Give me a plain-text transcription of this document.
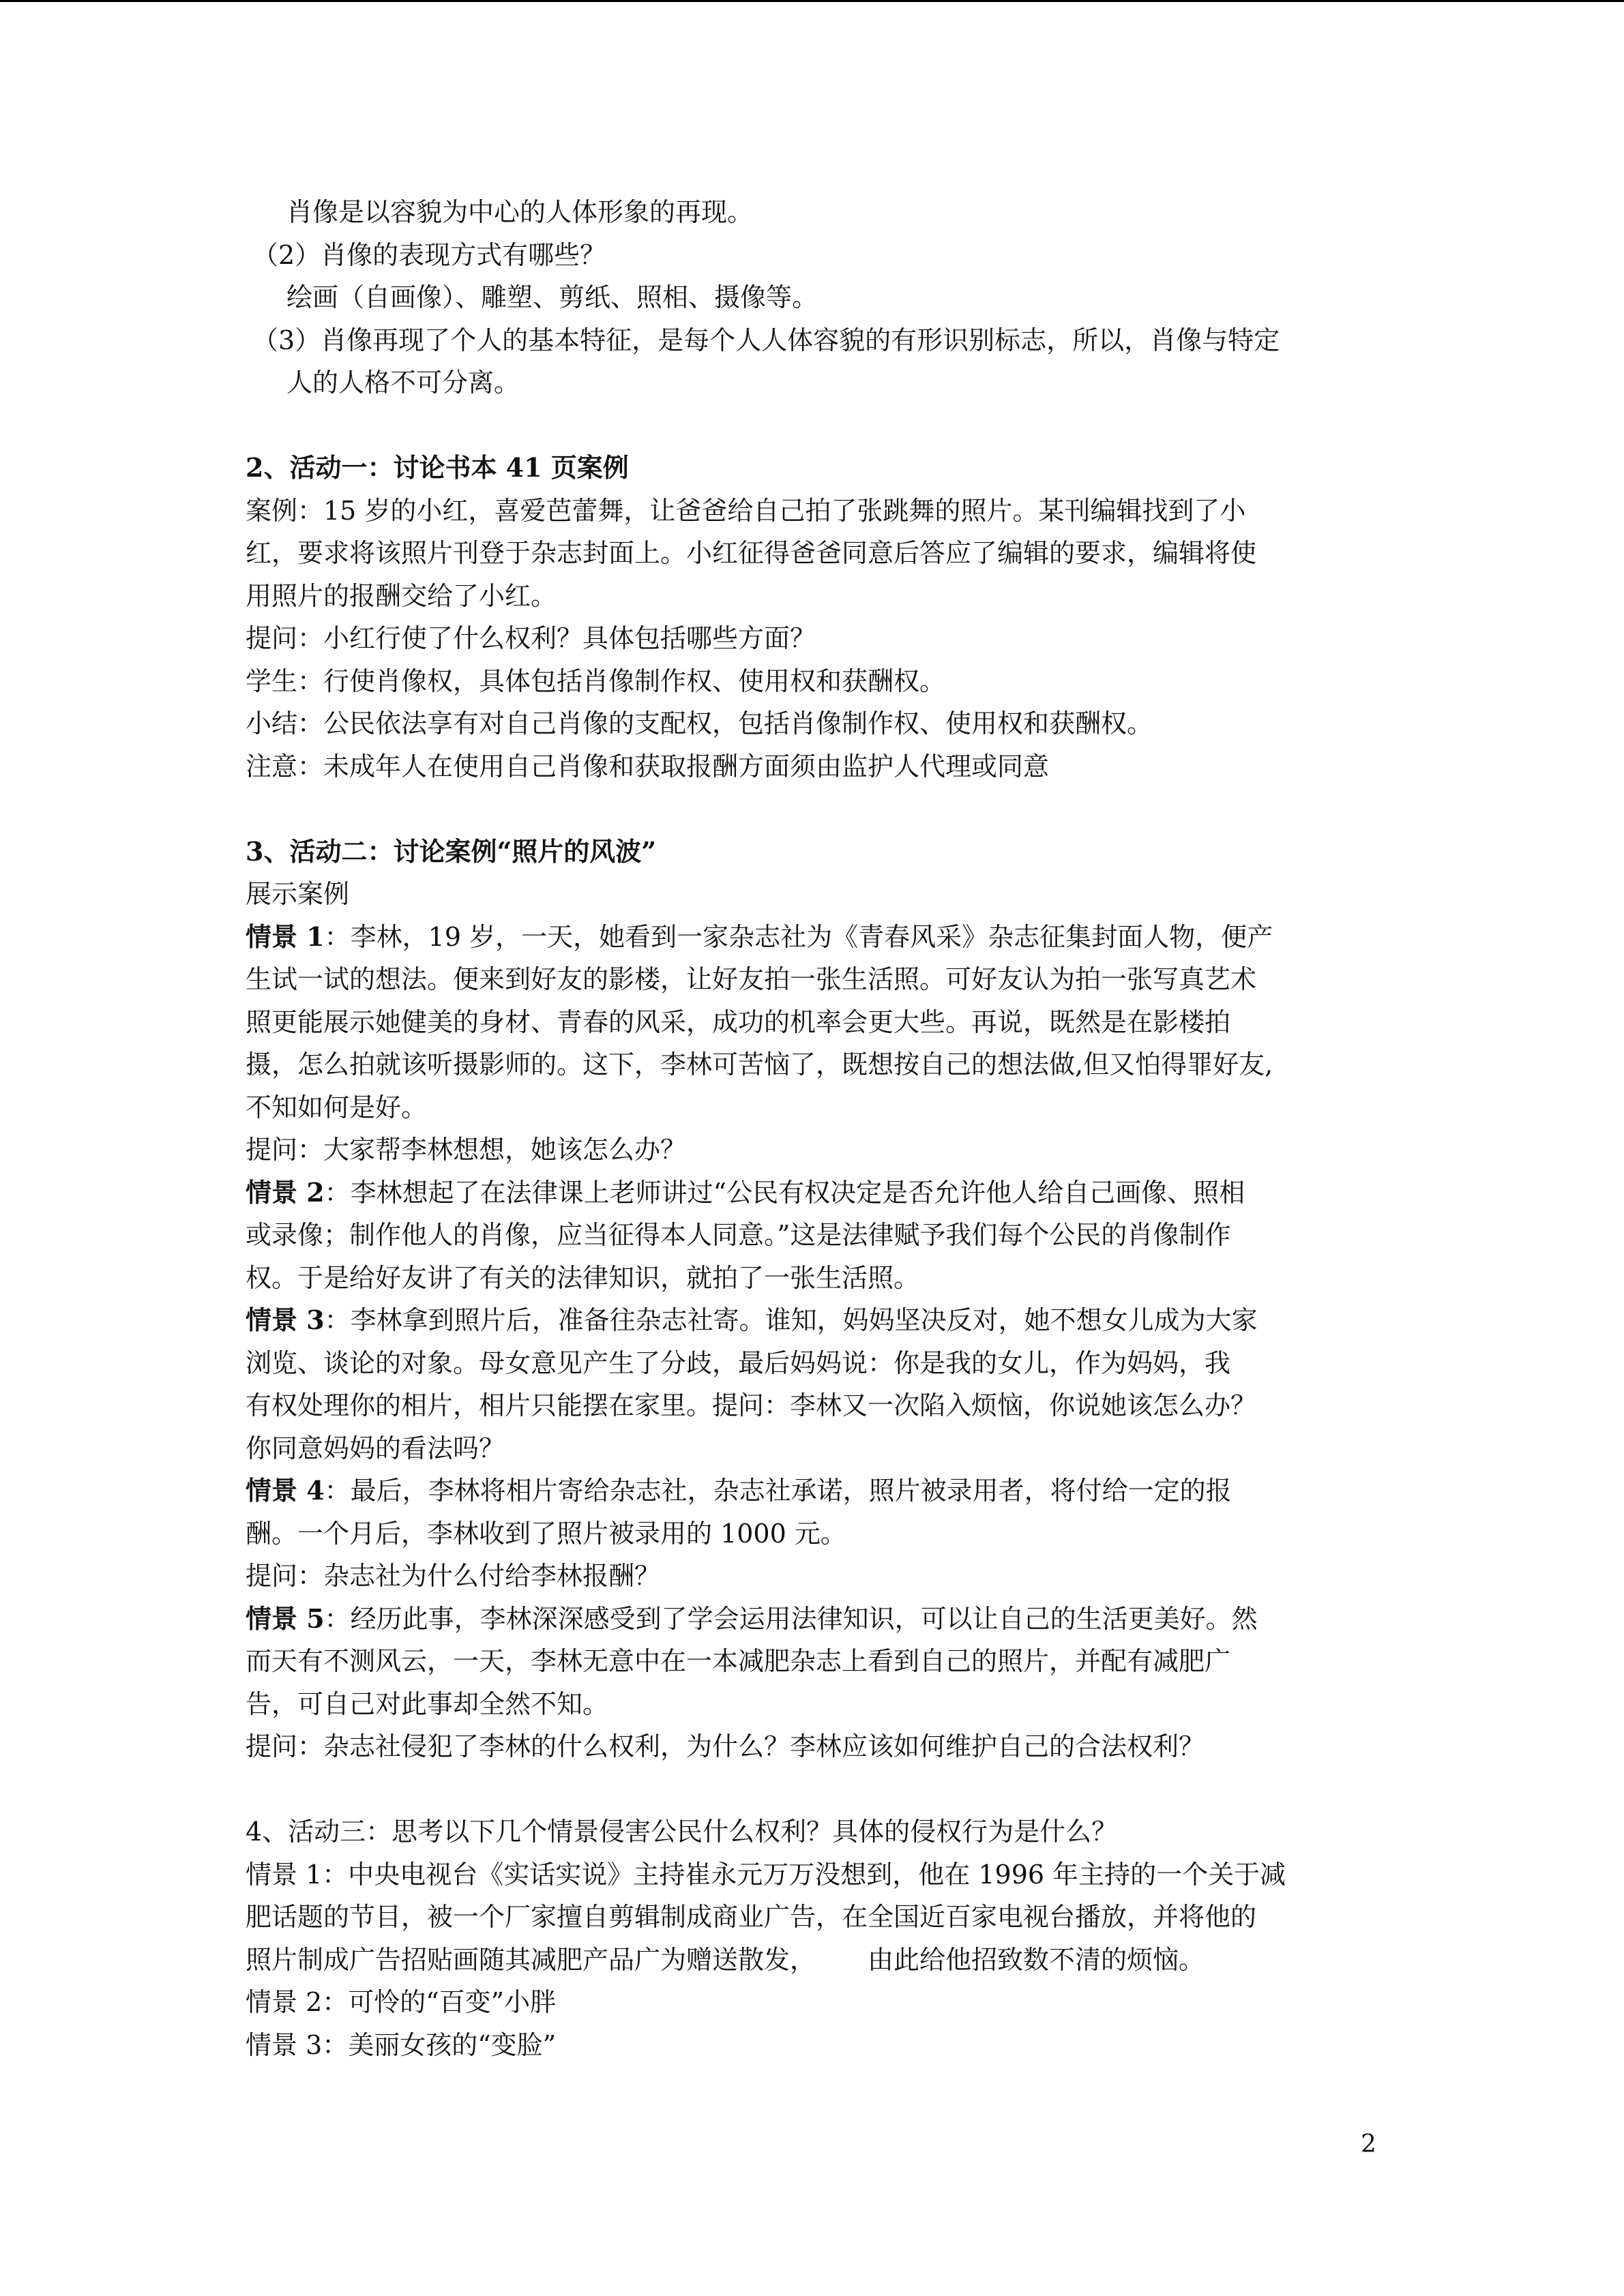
肖像是以容貌为中心的人体形象的再现。
（2）肖像的表现方式有哪些？
绘画（自画像）、雕塑、剪纸、照相、摄像等。
（3）肖像再现了个人的基本特征，是每个人人体容貌的有形识别标志，所以，肖像与特定
人的人格不可分离。
2、活动一：讨论书本 41 页案例
案例：15 岁的小红，喜爱芭蕾舞，让爸爸给自己拍了张跳舞的照片。某刊编辑找到了小
红，要求将该照片刊登于杂志封面上。小红征得爸爸同意后答应了编辑的要求，编辑将使
用照片的报酬交给了小红。
提问：小红行使了什么权利？具体包括哪些方面？
学生：行使肖像权，具体包括肖像制作权、使用权和获酬权。
小结：公民依法享有对自己肖像的支配权，包括肖像制作权、使用权和获酬权。
注意：未成年人在使用自己肖像和获取报酬方面须由监护人代理或同意
3、活动二：讨论案例“照片的风波”
展示案例
情景 1：李林，19 岁，一天，她看到一家杂志社为《青春风采》杂志征集封面人物，便产
生试一试的想法。便来到好友的影楼，让好友拍一张生活照。可好友认为拍一张写真艺术
照更能展示她健美的身材、青春的风采，成功的机率会更大些。再说，既然是在影楼拍
摄，怎么拍就该听摄影师的。这下，李林可苦恼了，既想按自己的想法做,但又怕得罪好友,
不知如何是好。
提问：大家帮李林想想，她该怎么办？
情景 2：李林想起了在法律课上老师讲过“公民有权决定是否允许他人给自己画像、照相
或录像；制作他人的肖像，应当征得本人同意。”这是法律赋予我们每个公民的肖像制作
权。于是给好友讲了有关的法律知识，就拍了一张生活照。
情景 3：李林拿到照片后，准备往杂志社寄。谁知，妈妈坚决反对，她不想女儿成为大家
浏览、谈论的对象。母女意见产生了分歧，最后妈妈说：你是我的女儿，作为妈妈，我
有权处理你的相片，相片只能摆在家里。提问：李林又一次陷入烦恼，你说她该怎么办？
你同意妈妈的看法吗？
情景 4：最后，李林将相片寄给杂志社，杂志社承诺，照片被录用者，将付给一定的报
酬。一个月后，李林收到了照片被录用的 1000 元。
提问：杂志社为什么付给李林报酬？
情景 5：经历此事，李林深深感受到了学会运用法律知识，可以让自己的生活更美好。然
而天有不测风云，一天，李林无意中在一本减肥杂志上看到自己的照片，并配有减肥广
告，可自己对此事却全然不知。
提问：杂志社侵犯了李林的什么权利，为什么？李林应该如何维护自己的合法权利？
4、活动三：思考以下几个情景侵害公民什么权利？具体的侵权行为是什么？
情景 1：中央电视台《实话实说》主持崔永元万万没想到，他在 1996 年主持的一个关于减
肥话题的节目，被一个厂家擅自剪辑制成商业广告，在全国近百家电视台播放，并将他的
照片制成广告招贴画随其减肥产品广为赠送散发， 由此给他招致数不清的烦恼。
情景 2：可怜的“百变”小胖
情景 3：美丽女孩的“变脸”
2
